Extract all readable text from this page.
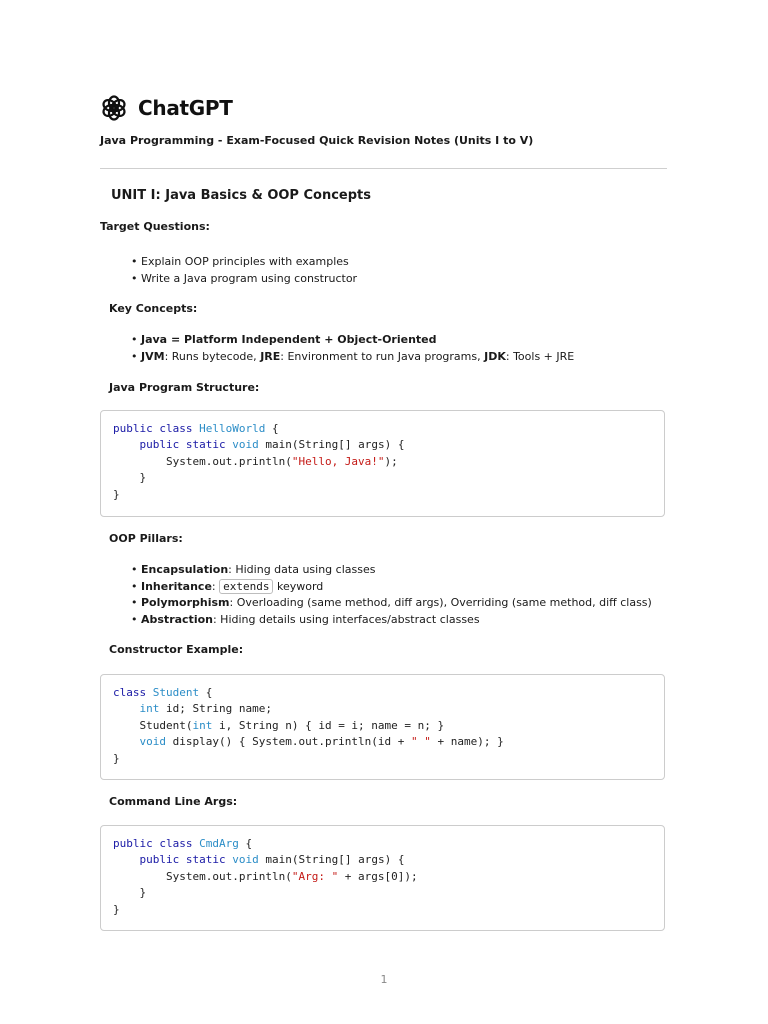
ChatGPT
Java Programming - Exam-Focused Quick Revision Notes (Units I to V)
UNIT I: Java Basics & OOP Concepts
Target Questions:
• Explain OOP principles with examples
• Write a Java program using constructor
Key Concepts:
• Java = Platform Independent + Object-Oriented
• JVM: Runs bytecode, JRE: Environment to run Java programs, JDK: Tools + JRE
Java Program Structure:
public class HelloWorld {
public static void main(String[] args) {
System.out.println("Hello, Java!");
}
}
OOP Pillars:
• Encapsulation: Hiding data using classes
• Inheritance: extends keyword
• Polymorphism: Overloading (same method, diff args), Overriding (same method, diff class)
• Abstraction: Hiding details using interfaces/abstract classes
Constructor Example:
class Student {
int id; String name;
Student(int i, String n) { id = i; name = n; }
void display() { System.out.println(id + " " + name); }
}
Command Line Args:
public class CmdArg {
public static void main(String[] args) {
System.out.println("Arg: " + args[0]);
}
}
1
